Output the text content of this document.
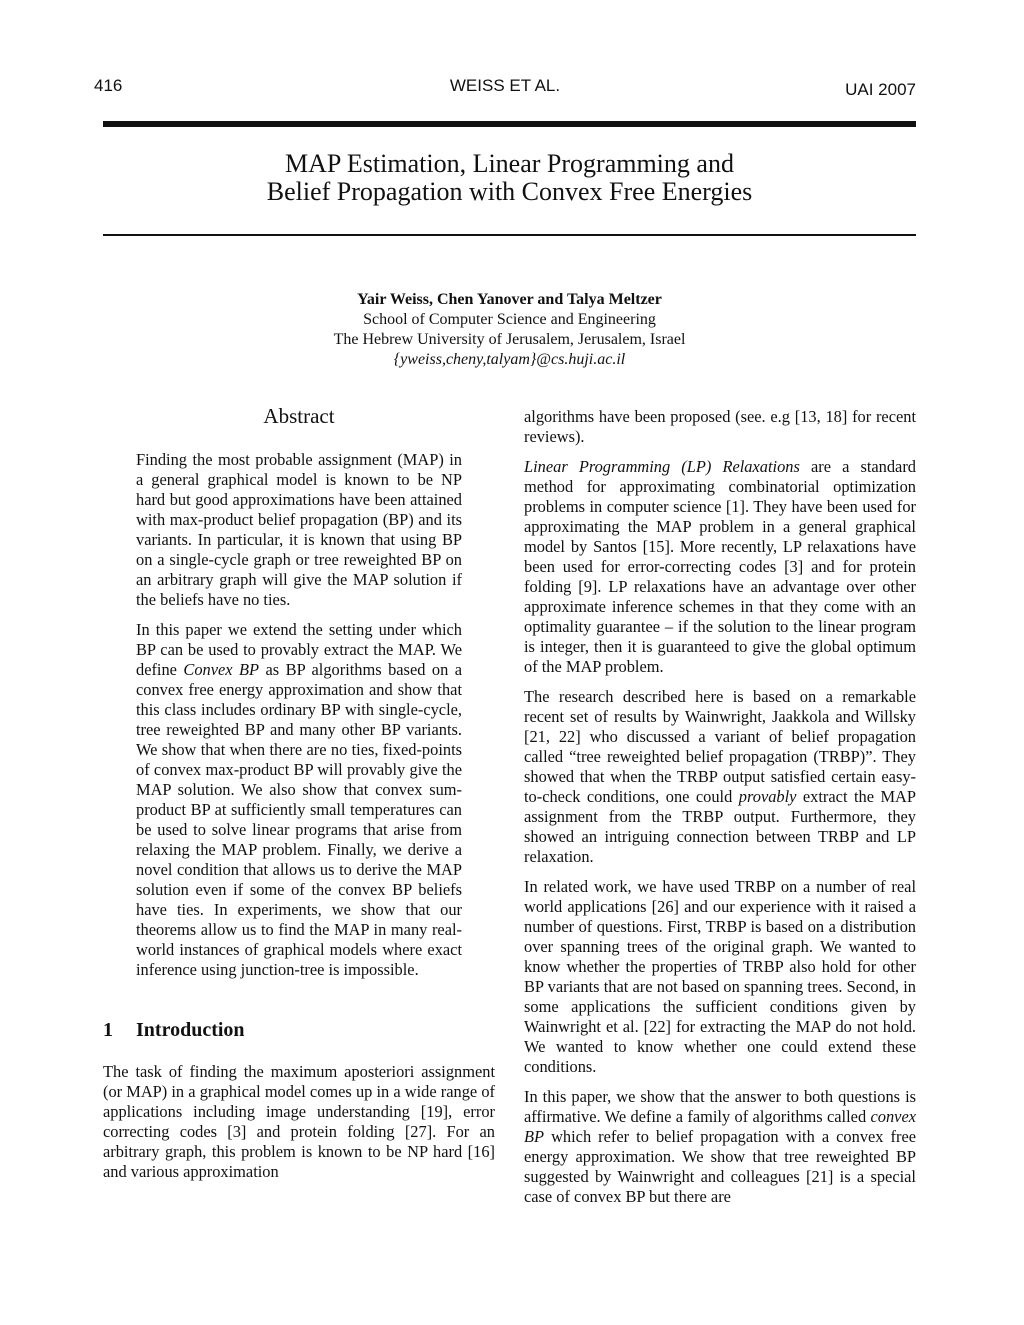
416	WEISS ET AL.	UAI 2007
MAP Estimation, Linear Programming and
Belief Propagation with Convex Free Energies
Yair Weiss, Chen Yanover and Talya Meltzer
School of Computer Science and Engineering
The Hebrew University of Jerusalem, Jerusalem, Israel
{yweiss,cheny,talyam}@cs.huji.ac.il
Abstract

Finding the most probable assignment (MAP) in a general graphical model is known to be NP hard but good approximations have been attained with max-product belief propagation (BP) and its variants. In particular, it is known that using BP on a single-cycle graph or tree reweighted BP on an arbitrary graph will give the MAP solution if the beliefs have no ties.

In this paper we extend the setting under which BP can be used to provably extract the MAP. We define Convex BP as BP algorithms based on a convex free energy approximation and show that this class includes ordinary BP with single-cycle, tree reweighted BP and many other BP variants. We show that when there are no ties, fixed-points of convex max-product BP will provably give the MAP solution. We also show that convex sum-product BP at sufficiently small temperatures can be used to solve linear programs that arise from relaxing the MAP problem. Finally, we derive a novel condition that allows us to derive the MAP solution even if some of the convex BP beliefs have ties. In experiments, we show that our theorems allow us to find the MAP in many real-world instances of graphical models where exact inference using junction-tree is impossible.

1 Introduction

The task of finding the maximum aposteriori assignment (or MAP) in a graphical model comes up in a wide range of applications including image understanding [19], error correcting codes [3] and protein folding [27]. For an arbitrary graph, this problem is known to be NP hard [16] and various approximation

algorithms have been proposed (see. e.g [13, 18] for recent reviews).

Linear Programming (LP) Relaxations are a standard method for approximating combinatorial optimization problems in computer science [1]. They have been used for approximating the MAP problem in a general graphical model by Santos [15]. More recently, LP relaxations have been used for error-correcting codes [3] and for protein folding [9]. LP relaxations have an advantage over other approximate inference schemes in that they come with an optimality guarantee – if the solution to the linear program is integer, then it is guaranteed to give the global optimum of the MAP problem.

The research described here is based on a remarkable recent set of results by Wainwright, Jaakkola and Willsky [21, 22] who discussed a variant of belief propagation called “tree reweighted belief propagation (TRBP)”. They showed that when the TRBP output satisfied certain easy-to-check conditions, one could provably extract the MAP assignment from the TRBP output. Furthermore, they showed an intriguing connection between TRBP and LP relaxation.

In related work, we have used TRBP on a number of real world applications [26] and our experience with it raised a number of questions. First, TRBP is based on a distribution over spanning trees of the original graph. We wanted to know whether the properties of TRBP also hold for other BP variants that are not based on spanning trees. Second, in some applications the sufficient conditions given by Wainwright et al. [22] for extracting the MAP do not hold. We wanted to know whether one could extend these conditions.

In this paper, we show that the answer to both questions is affirmative. We define a family of algorithms called convex BP which refer to belief propagation with a convex free energy approximation. We show that tree reweighted BP suggested by Wainwright and colleagues [21] is a special case of convex BP but there are
